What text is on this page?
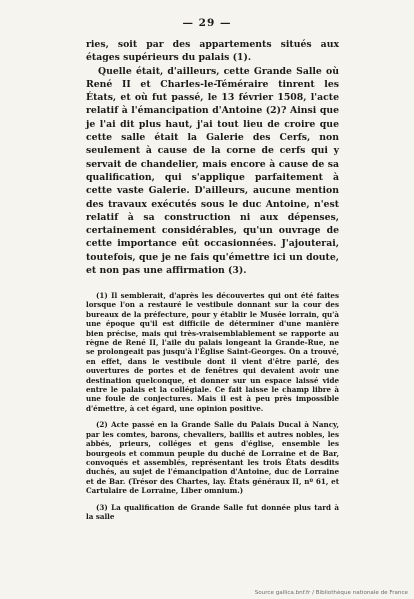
— 29 —

ries, soit par des appartements situés aux étages supérieurs du palais (1).

Quelle était, d'ailleurs, cette Grande Salle où René II et Charles-le-Téméraire tinrent les États, et où fut passé, le 13 février 1508, l'acte relatif à l'émancipation d'Antoine (2)? Ainsi que je l'ai dit plus haut, j'ai tout lieu de croire que cette salle était la Galerie des Cerfs, non seulement à cause de la corne de cerfs qui y servait de chandelier, mais encore à cause de sa qualification, qui s'applique parfaitement à cette vaste Galerie. D'ailleurs, aucune mention des travaux exécutés sous le duc Antoine, n'est relatif à sa construction ni aux dépenses, certainement considérables, qu'un ouvrage de cette importance eût occasionnées. J'ajouterai, toutefois, que je ne fais qu'émettre ici un doute, et non pas une affirmation (3).

(1) Il semblerait, d'après les découvertes qui ont été faites lorsque l'on a restauré le vestibule donnant sur la cour des bureaux de la préfecture, pour y établir le Musée lorrain, qu'à une époque qu'il est difficile de déterminer d'une manière bien précise, mais qui très-vraisemblablement se rapporte au règne de René II, l'aile du palais longeant la Grande-Rue, ne se prolongeait pas jusqu'à l'Église Saint-Georges. On a trouvé, en effet, dans le vestibule dont il vient d'être parlé, des ouvertures de portes et de fenêtres qui devaient avoir une destination quelconque, et donner sur un espace laissé vide entre le palais et la collégiale. Ce fait laisse le champ libre à une foule de conjectures. Mais il est à peu près impossible d'émettre, à cet égard, une opinion positive.

(2) Acte passé en la Grande Salle du Palais Ducal à Nancy, par les comtes, barons, chevaliers, baillis et autres nobles, les abbés, prieurs, colléges et gens d'église, ensemble les bourgeois et commun peuple du duché de Lorraine et de Bar, convoqués et assemblés, représentant les trois États desdits duchés, au sujet de l'émancipation d'Antoine, duc de Lorraine et de Bar. (Trésor des Chartes, lay. États généraux II, nº 61, et Cartulaire de Lorraine, Liber omnium.)

(3) La qualification de Grande Salle fut donnée plus tard à la salle

Source gallica.bnf.fr / Bibliothèque nationale de France
